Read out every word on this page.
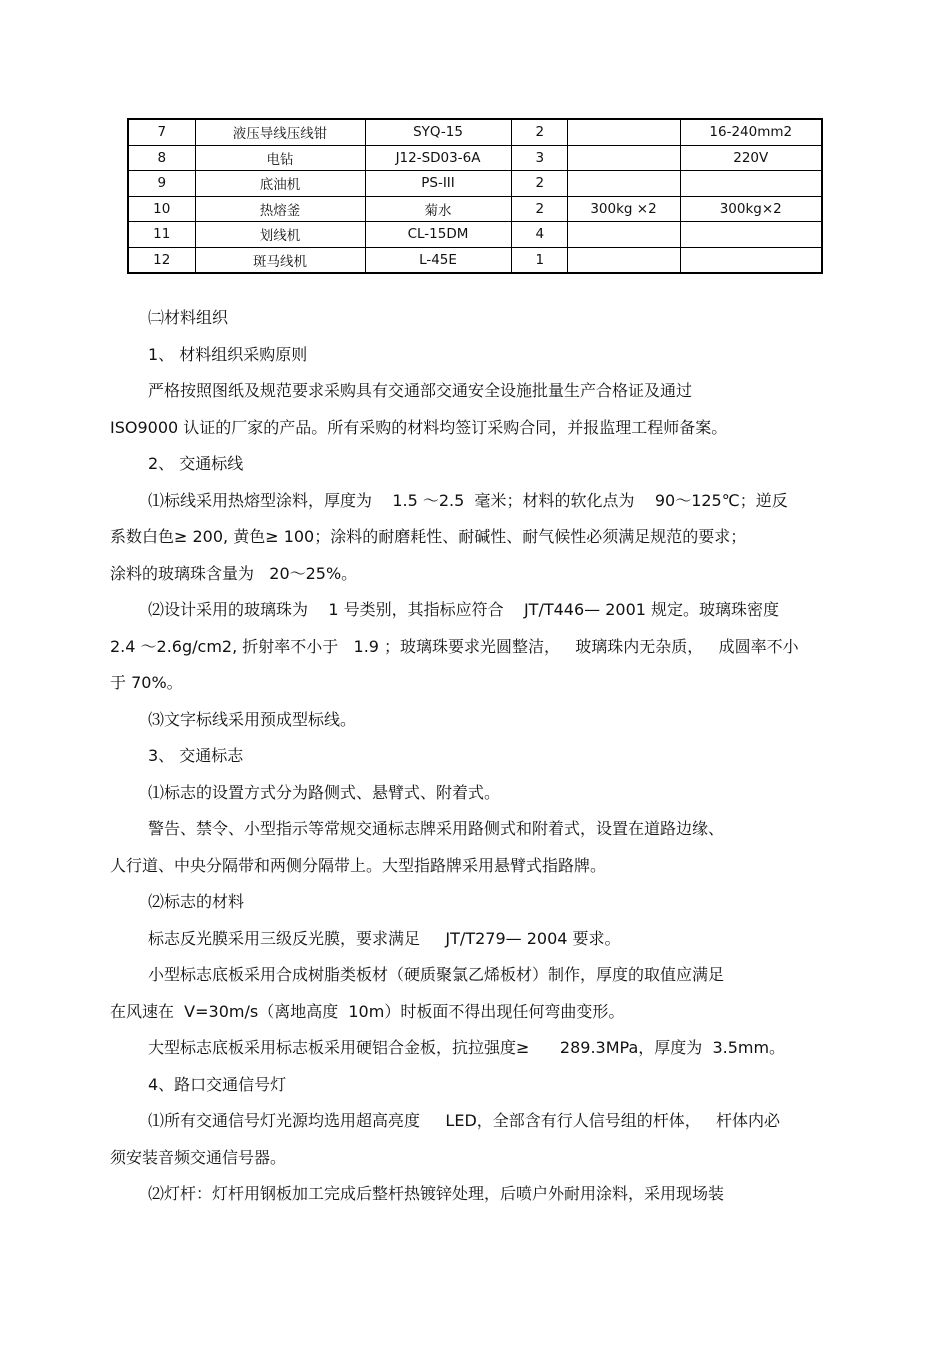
7	液压导线压线钳	SYQ-15	2		16-240mm2
8	电钻	J12-SD03-6A	3		220V
9	底油机	PS-III	2		
10	热熔釜	菊水	2	300kg ×2	300kg×2
11	划线机	CL-15DM	4		
12	斑马线机	L-45E	1		

㈡材料组织

1、 材料组织采购原则

严格按照图纸及规范要求采购具有交通部交通安全设施批量生产合格证及通过

ISO9000 认证的厂家的产品。所有采购的材料均签订采购合同，并报监理工程师备案。

2、 交通标线

⑴标线采用热熔型涂料，厚度为    1.5 ～2.5  毫米；材料的软化点为    90～125℃；逆反

系数白色≥ 200, 黄色≥ 100；涂料的耐磨耗性、耐碱性、耐气候性必须满足规范的要求；

涂料的玻璃珠含量为   20～25%。

⑵设计采用的玻璃珠为    1 号类别，其指标应符合    JT/T446— 2001 规定。玻璃珠密度

2.4 ～2.6g/cm2, 折射率不小于   1.9 ；玻璃珠要求光圆整洁，   玻璃珠内无杂质，   成圆率不小

于 70%。

⑶文字标线采用预成型标线。

3、 交通标志

⑴标志的设置方式分为路侧式、悬臂式、附着式。

警告、禁令、小型指示等常规交通标志牌采用路侧式和附着式，设置在道路边缘、

人行道、中央分隔带和两侧分隔带上。大型指路牌采用悬臂式指路牌。

⑵标志的材料

标志反光膜采用三级反光膜，要求满足     JT/T279— 2004 要求。

小型标志底板采用合成树脂类板材（硬质聚氯乙烯板材）制作，厚度的取值应满足

在风速在  V=30m/s（离地高度  10m）时板面不得出现任何弯曲变形。

大型标志底板采用标志板采用硬铝合金板，抗拉强度≥      289.3MPa，厚度为  3.5mm。

4、路口交通信号灯

⑴所有交通信号灯光源均选用超高亮度     LED，全部含有行人信号组的杆体，   杆体内必

须安装音频交通信号器。

⑵灯杆：灯杆用钢板加工完成后整杆热镀锌处理，后喷户外耐用涂料，采用现场装
